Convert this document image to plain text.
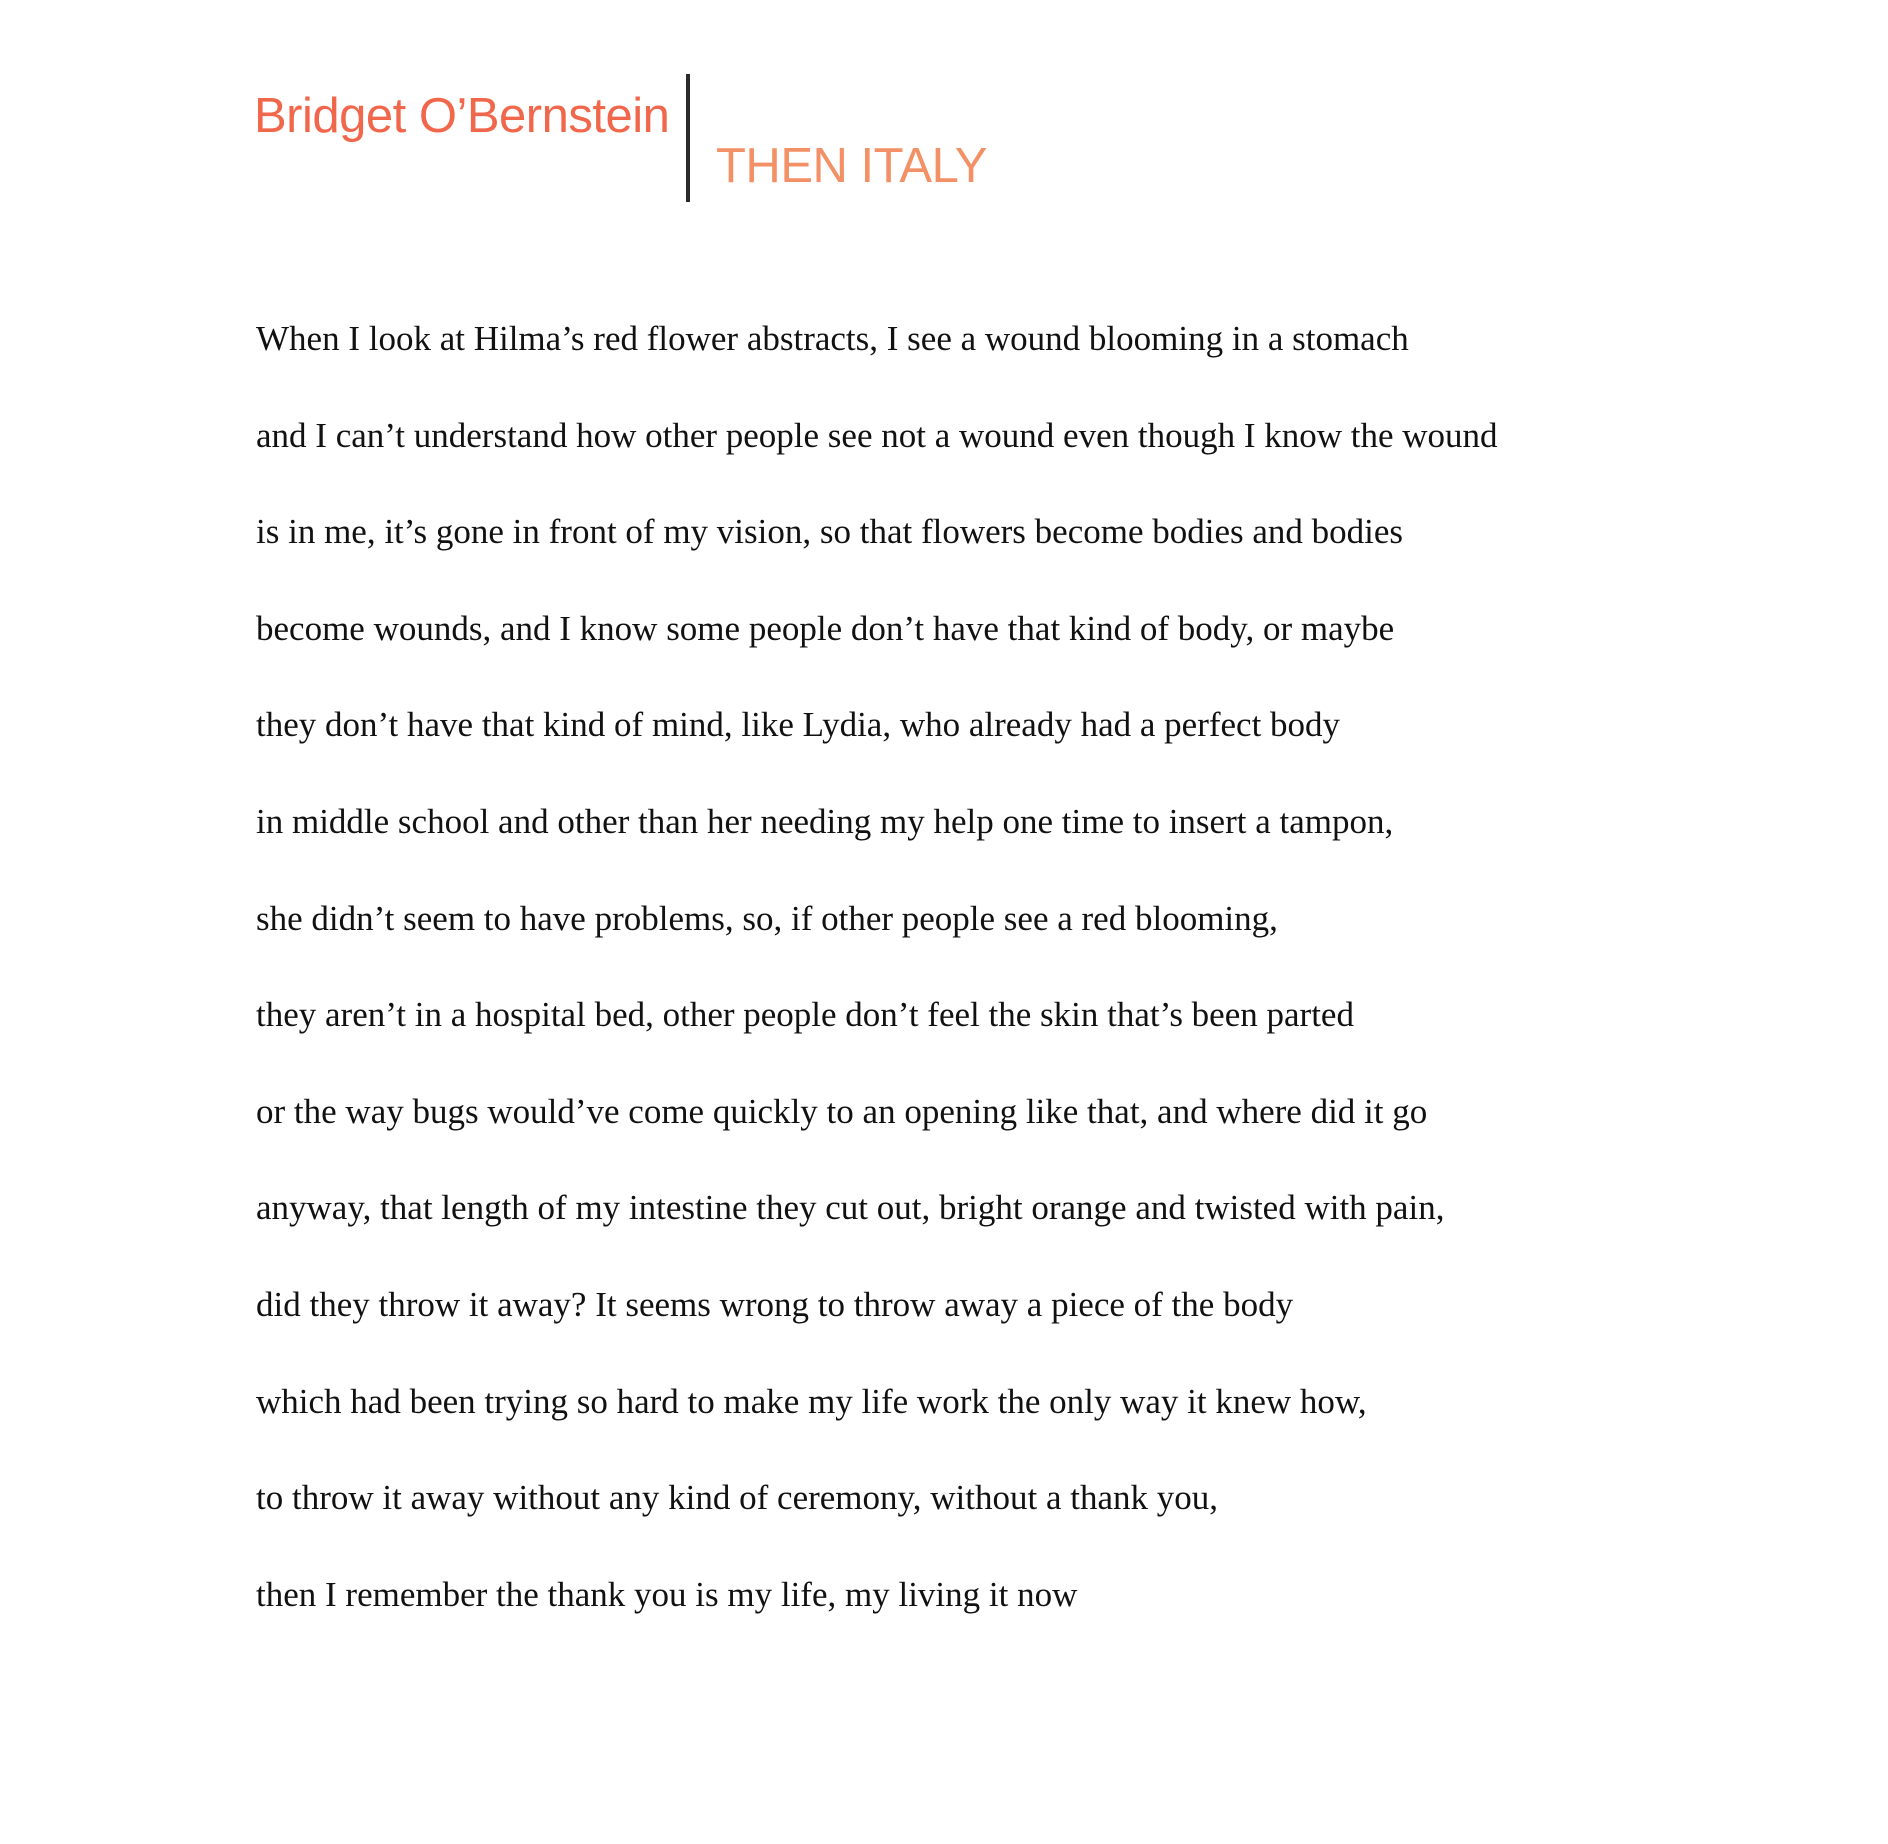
Bridget O’Bernstein
THEN ITALY
When I look at Hilma’s red flower abstracts, I see a wound blooming in a stomach
and I can’t understand how other people see not a wound even though I know the wound
is in me, it’s gone in front of my vision, so that flowers become bodies and bodies
become wounds, and I know some people don’t have that kind of body, or maybe
they don’t have that kind of mind, like Lydia, who already had a perfect body
in middle school and other than her needing my help one time to insert a tampon,
she didn’t seem to have problems, so, if other people see a red blooming,
they aren’t in a hospital bed, other people don’t feel the skin that’s been parted
or the way bugs would’ve come quickly to an opening like that, and where did it go
anyway, that length of my intestine they cut out, bright orange and twisted with pain,
did they throw it away? It seems wrong to throw away a piece of the body
which had been trying so hard to make my life work the only way it knew how,
to throw it away without any kind of ceremony, without a thank you,
then I remember the thank you is my life, my living it now
